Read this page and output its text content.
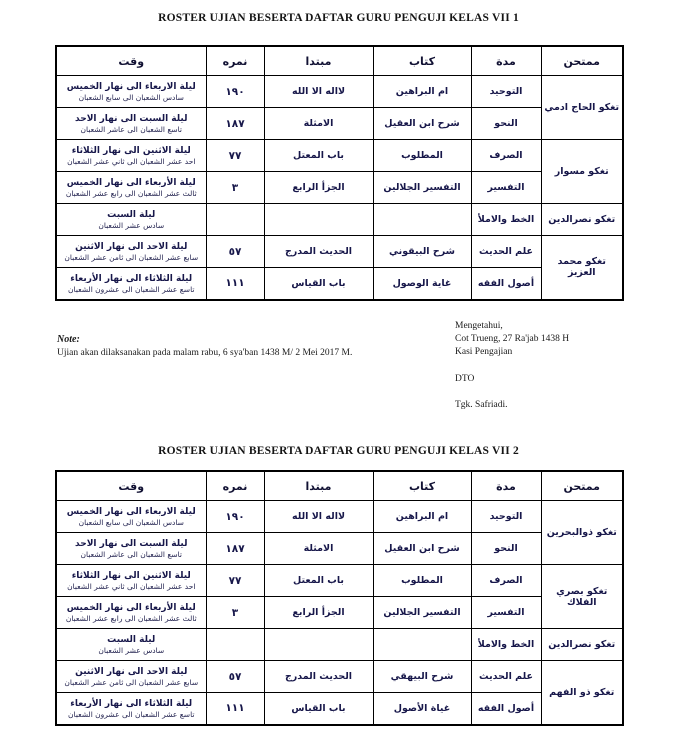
ROSTER UJIAN BESERTA DAFTAR GURU PENGUJI KELAS VII 1
وقت	نمره	مبتدا	كتاب	مدة	ممتحن

ليلة الاربعاء الى نهار الخميس
سادس الشعبان الى سابع الشعبان	١٩٠	لااله الا الله	ام البراهين	التوحيد	تغكو الحاج ادمي

ليلة السبت الى نهار الاحد
تاسع الشعبان الى عاشر الشعبان	١٨٧	الامثلة	شرح ابن العقيل	النحو	

ليلة الاثنين الى نهار الثلاثاء
احد عشر الشعبان الى ثاني عشر الشعبان	٧٧	باب المعتل	المطلوب	الصرف	تغكو مسوار

ليلة الأربعاء الى نهار الخميس
ثالث عشر الشعبان الى رابع عشر الشعبان	٣	الجزأ الرابع	التفسير الجلالين	التفسير	

ليلة السبت
سادس عشر الشعبان				الخط والاملأ	تغكو نصرالدين

ليلة الاحد الى نهار الاثنين
سابع عشر الشعبان الى ثامن عشر الشعبان	٥٧	الحديث المدرج	شرح البيقوني	علم الحديث	تغكو محمد العزيز

ليلة الثلاثاء الى نهار الأربعاء
تاسع عشر الشعبان الى عشرون الشعبان	١١١	باب القياس	غاية الوصول	أصول الفقه	
Note:
Ujian akan dilaksanakan pada malam rabu, 6 sya'ban 1438 M/ 2 Mei 2017 M.
Mengetahui,
Cot Trueng, 27 Ra'jab 1438 H
Kasi Pengajian
DTO
Tgk. Safriadi.
ROSTER UJIAN BESERTA DAFTAR GURU PENGUJI KELAS VII 2
وقت	نمره	مبتدا	كتاب	مدة	ممتحن

ليلة الاربعاء الى نهار الخميس
سادس الشعبان الى سابع الشعبان	١٩٠	لااله الا الله	ام البراهين	التوحيد	تغكو ذوالبحرين

ليلة السبت الى نهار الاحد
تاسع الشعبان الى عاشر الشعبان	١٨٧	الامثلة	شرح ابن العقيل	النحو	

ليلة الاثنين الى نهار الثلاثاء
احد عشر الشعبان الى ثاني عشر الشعبان	٧٧	باب المعتل	المطلوب	الصرف	تغكو بصري الفلاك

ليلة الأربعاء الى نهار الخميس
ثالث عشر الشعبان الى رابع عشر الشعبان	٣	الجزأ الرابع	التفسير الجلالين	التفسير	

ليلة السبت
سادس عشر الشعبان				الخط والاملأ	تغكو نصرالدين

ليلة الاحد الى نهار الاثنين
سابع عشر الشعبان الى ثامن عشر الشعبان	٥٧	الحديث المدرج	شرح البيهقي	علم الحديث	تغكو ذو الفهم

ليلة الثلاثاء الى نهار الأربعاء
تاسع عشر الشعبان الى عشرون الشعبان	١١١	باب القياس	غياة الأصول	أصول الفقه	
